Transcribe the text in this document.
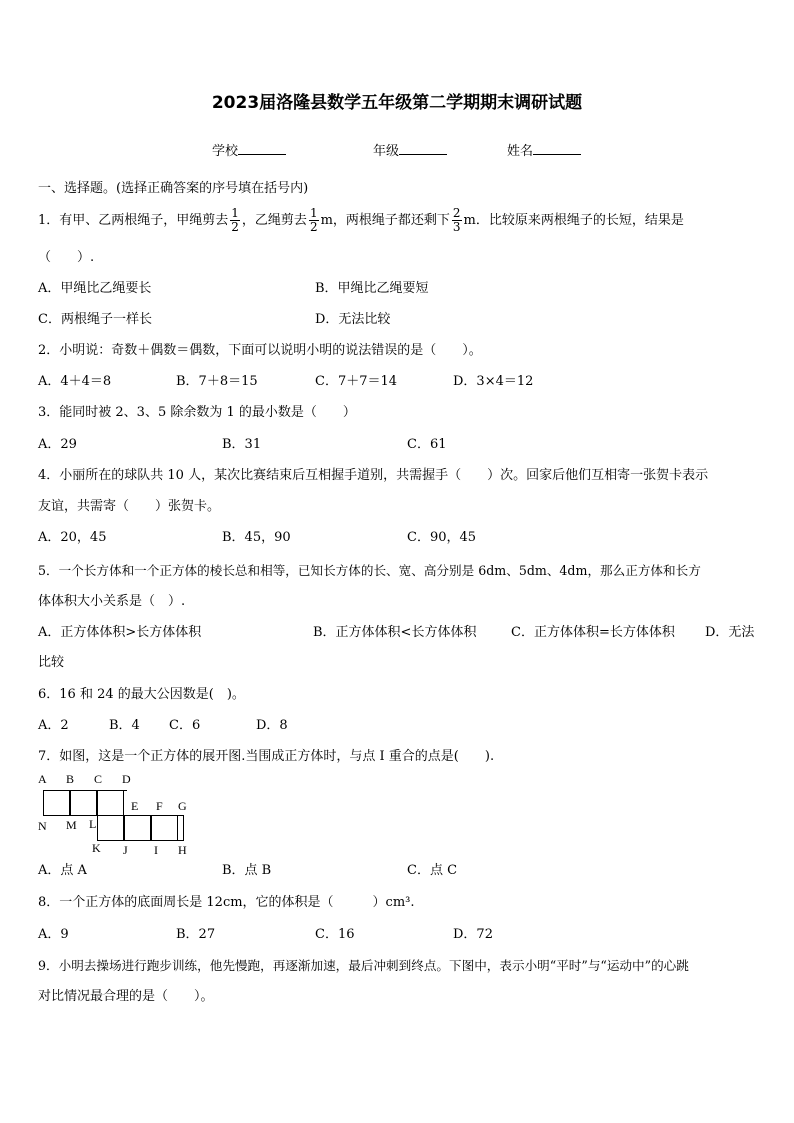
2023届洛隆县数学五年级第二学期期末调研试题
学校	年级	姓名
一、选择题。(选择正确答案的序号填在括号内)
1．有甲、乙两根绳子，甲绳剪去 $\frac{1}{2}$ ，乙绳剪去 $\frac{1}{2}$ m，两根绳子都还剩下 $\frac{2}{3}$ m．比较原来两根绳子的长短，结果是
（　　）.
A．甲绳比乙绳要长	B．甲绳比乙绳要短
C．两根绳子一样长	D．无法比较
2．小明说：奇数＋偶数＝偶数，下面可以说明小明的说法错误的是（　　）。
A．4＋4＝8	B．7＋8＝15	C．7＋7＝14	D．3×4＝12
3．能同时被 2、3、5 除余数为 1 的最小数是（　　）
A．29	B．31	C．61
4．小丽所在的球队共 10 人，某次比赛结束后互相握手道别，共需握手（　　）次。回家后他们互相寄一张贺卡表示
友谊，共需寄（　　）张贺卡。
A．20，45	B．45，90	C．90，45
5．一个长方体和一个正方体的棱长总和相等，已知长方体的长、宽、高分别是 6dm、5dm、4dm，那么正方体和长方
体体积大小关系是（　）.
A．正方体体积>长方体体积	B．正方体体积<长方体体积	C．正方体体积=长方体体积 D．无法
比较
6．16 和 24 的最大公因数是(　)。
A．2	B．4 C．6	D．8
7．如图，这是一个正方体的展开图.当围成正方体时，与点 I 重合的点是(　　).
A B C D
E F G
N M L
K J I H
A．点 A	B．点 B	C．点 C
8．一个正方体的底面周长是 12cm，它的体积是（　　　）cm³.
A．9	B．27	C．16	D．72
9．小明去操场进行跑步训练，他先慢跑，再逐渐加速，最后冲刺到终点。下图中，表示小明“平时”与“运动中”的心跳
对比情况最合理的是（　　）。
